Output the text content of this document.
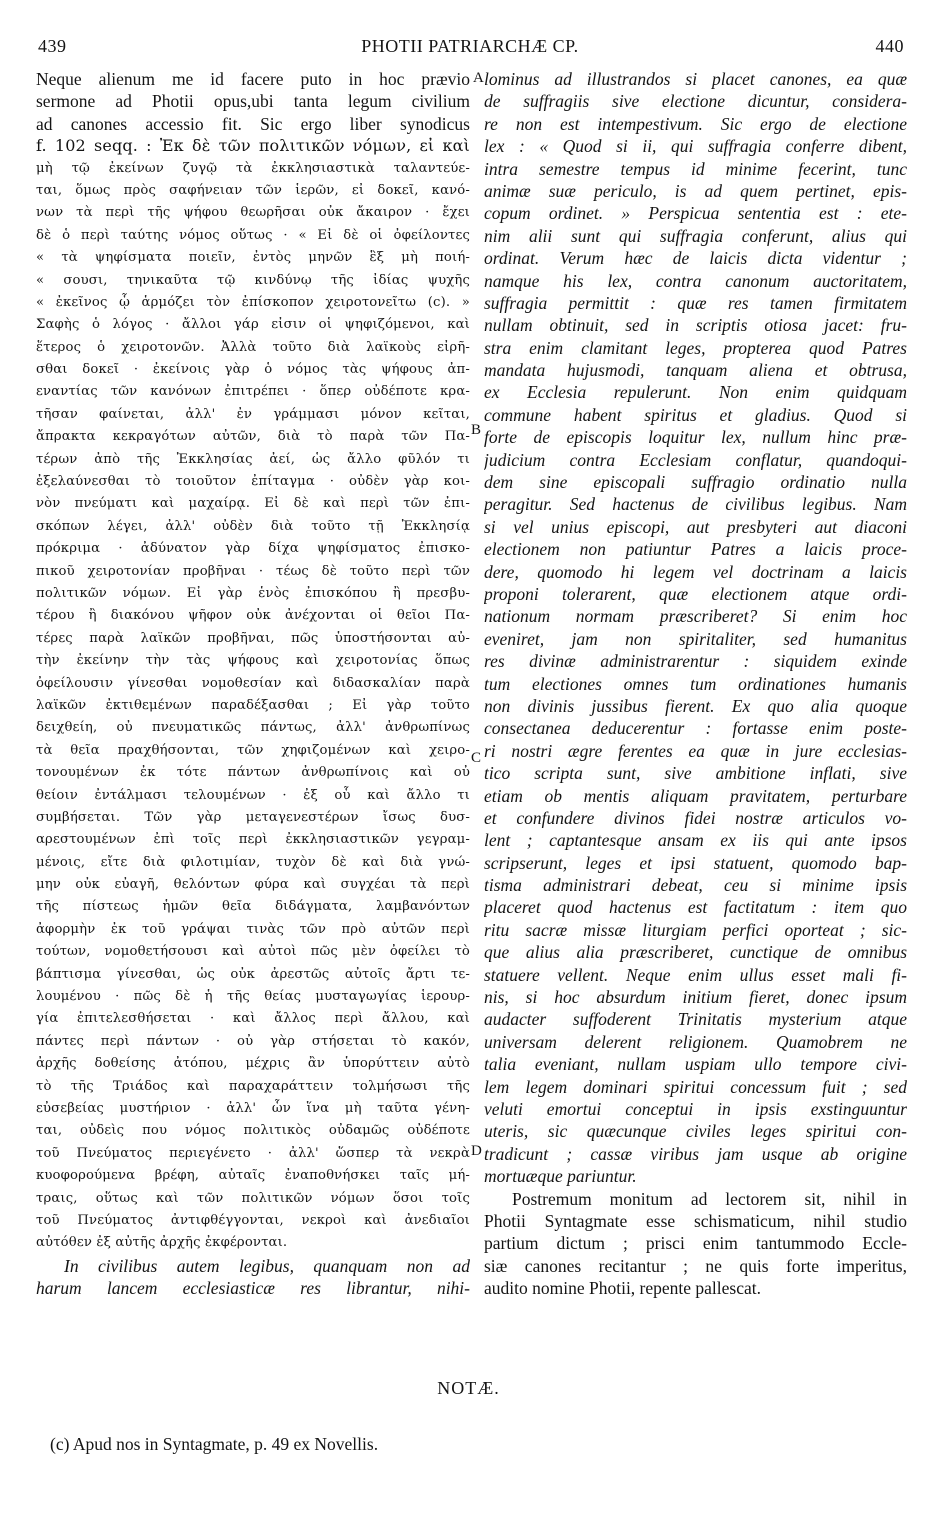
439	PHOTII PATRIARCHÆ CP.	440
Neque alienum me id facere puto in hoc prævio
sermone ad Photii opus,ubi tanta legum civilium
ad canones accessio fit. Sic ergo liber synodicus
f. 102 seqq. : Ἐκ δὲ τῶν πολιτικῶν νόμων, εἰ καὶ
μὴ τῷ ἐκείνων ζυγῷ τὰ ἐκκλησιαστικὰ ταλαντεύε-
ται, ὅμως πρὸς σαφήνειαν τῶν ἱερῶν, εἰ δοκεῖ, κανό-
νων τὰ περὶ τῆς ψήφου θεωρῆσαι οὐκ ἄκαιρον · ἔχει
δὲ ὁ περὶ ταύτης νόμος οὕτως · « Εἰ δὲ οἱ ὀφείλοντες
« τὰ ψηφίσματα ποιεῖν, ἐντὸς μηνῶν ἓξ μὴ ποιή-
« σουσι, τηνικαῦτα τῷ κινδύνῳ τῆς ἰδίας ψυχῆς
« ἐκεῖνος ᾧ ἁρμόζει τὸν ἐπίσκοπον χειροτονεῖτω (c). »
Σαφὴς ὁ λόγος · ἄλλοι γάρ εἰσιν οἱ ψηφιζόμενοι, καὶ
ἕτερος ὁ χειροτονῶν. Ἀλλὰ τοῦτο διὰ λαϊκοὺς εἰρῆ-
σθαι δοκεῖ · ἐκείνοις γὰρ ὁ νόμος τὰς ψήφους ἀπ-
εναντίας τῶν κανόνων ἐπιτρέπει · ὅπερ οὐδέποτε κρα-
τῆσαν φαίνεται, ἀλλ' ἐν γράμμασι μόνον κεῖται,
ἄπρακτα κεκραγότων αὐτῶν, διὰ τὸ παρὰ τῶν Πα-
τέρων ἀπὸ τῆς Ἐκκλησίας ἀεί, ὡς ἄλλο φῦλόν τι
ἐξελαύνεσθαι τὸ τοιοῦτον ἐπίταγμα · οὐδὲν γὰρ κοι-
νὸν πνεύματι καὶ μαχαίρᾳ. Εἰ δὲ καὶ περὶ τῶν ἐπι-
σκόπων λέγει, ἀλλ' οὐδὲν διὰ τοῦτο τῇ Ἐκκλησίᾳ
πρόκριμα · ἀδύνατον γὰρ δίχα ψηφίσματος ἐπισκο-
πικοῦ χειροτονίαν προβῆναι · τέως δὲ τοῦτο περὶ τῶν
πολιτικῶν νόμων. Εἰ γὰρ ἑνὸς ἐπισκόπου ἢ πρεσβυ-
τέρου ἢ διακόνου ψῆφον οὐκ ἀνέχονται οἱ θεῖοι Πα-
τέρες παρὰ λαϊκῶν προβῆναι, πῶς ὑποστήσονται αὐ-
τὴν ἐκείνην τὴν τὰς ψήφους καὶ χειροτονίας ὅπως
ὀφείλουσιν γίνεσθαι νομοθεσίαν καὶ διδασκαλίαν παρὰ
λαϊκῶν ἐκτιθεμένων παραδέξασθαι ; Εἰ γὰρ τοῦτο
δειχθείη, οὐ πνευματικῶς πάντως, ἀλλ' ἀνθρωπίνως
τὰ θεῖα πραχθήσονται, τῶν χηφιζομένων καὶ χειρο-
τονουμένων ἐκ τότε πάντων ἀνθρωπίνοις καὶ οὐ
θείοιν ἐντάλμασι τελουμένων · ἐξ οὗ καὶ ἄλλο τι
συμβήσεται. Τῶν γὰρ μεταγενεστέρων ἴσως δυσ-
αρεστουμένων ἐπὶ τοῖς περὶ ἐκκλησιαστικῶν γεγραμ-
μένοις, εἴτε διὰ φιλοτιμίαν, τυχὸν δὲ καὶ διὰ γνώ-
μην οὐκ εὐαγῆ, θελόντων φύρα καὶ συγχέαι τὰ περὶ
τῆς πίστεως ἡμῶν θεῖα διδάγματα, λαμβανόντων
ἀφορμὴν ἐκ τοῦ γράψαι τινὰς τῶν πρὸ αὐτῶν περὶ
τούτων, νομοθετήσουσι καὶ αὐτοὶ πῶς μὲν ὀφείλει τὸ
βάπτισμα γίνεσθαι, ὡς οὐκ ἀρεστῶς αὐτοῖς ἄρτι τε-
λουμένου · πῶς δὲ ἡ τῆς θείας μυσταγωγίας ἱερουρ-
γία ἐπιτελεσθήσεται · καὶ ἄλλος περὶ ἄλλου, καὶ
πάντες περὶ πάντων · οὐ γὰρ στήσεται τὸ κακόν,
ἀρχῆς δοθείσης ἀτόπου, μέχρις ἂν ὑπορύττειν αὐτὸ
τὸ τῆς Τριάδος καὶ παραχαράττειν τολμήσωσι τῆς
εὐσεβείας μυστήριον · ἀλλ' ὧν ἵνα μὴ ταῦτα γένη-
ται, οὐδεὶς που νόμος πολιτικὸς οὐδαμῶς οὐδέποτε
τοῦ Πνεύματος περιεγένετο · ἀλλ' ὥσπερ τὰ νεκρὰ
κυοφορούμενα βρέφη, αὐταῖς ἐναποθνήσκει ταῖς μή-
τραις, οὕτως καὶ τῶν πολιτικῶν νόμων ὅσοι τοῖς
τοῦ Πνεύματος ἀντιφθέγγονται, νεκροὶ καὶ ἀνεδιαῖοι
αὐτόθεν ἐξ αὐτῆς ἀρχῆς ἐκφέρονται.
In civilibus autem legibus, quanquam non ad
harum lancem ecclesiasticæ res librantur, nihi-
lominus ad illustrandos si placet canones, ea quæ
de suffragiis sive electione dicuntur, considera-
re non est intempestivum. Sic ergo de electione
lex : « Quod si ii, qui suffragia conferre dibent,
intra semestre tempus id minime fecerint, tunc
animæ suæ periculo, is ad quem pertinet, epis-
copum ordinet. » Perspicua sententia est : ete-
nim alii sunt qui suffragia conferunt, alius qui
ordinat. Verum hæc de laicis dicta videntur ;
namque his lex, contra canonum auctoritatem,
suffragia permittit : quæ res tamen firmitatem
nullam obtinuit, sed in scriptis otiosa jacet: fru-
stra enim clamitant leges, propterea quod Patres
mandata hujusmodi, tanquam aliena et obtrusa,
ex Ecclesia repulerunt. Non enim quidquam
commune habent spiritus et gladius. Quod si
forte de episcopis loquitur lex, nullum hinc præ-
judicium contra Ecclesiam conflatur, quandoqui-
dem sine episcopali suffragio ordinatio nulla
peragitur. Sed hactenus de civilibus legibus. Nam
si vel unius episcopi, aut presbyteri aut diaconi
electionem non patiuntur Patres a laicis proce-
dere, quomodo hi legem vel doctrinam a laicis
proponi tolerarent, quæ electionem atque ordi-
nationum normam præscriberet? Si enim hoc
eveniret, jam non spiritaliter, sed humanitus
res divinæ administrarentur : siquidem exinde
tum electiones omnes tum ordinationes humanis
non divinis jussibus fierent. Ex quo alia quoque
consectanea deducerentur : fortasse enim poste-
ri nostri ægre ferentes ea quæ in jure ecclesias-
tico scripta sunt, sive ambitione inflati, sive
etiam ob mentis aliquam pravitatem, perturbare
et confundere divinos fidei nostræ articulos vo-
lent ; captantesque ansam ex iis qui ante ipsos
scripserunt, leges et ipsi statuent, quomodo bap-
tisma administrari debeat, ceu si minime ipsis
placeret quod hactenus est factitatum : item quo
ritu sacræ missæ liturgiam perfici oporteat ; sic-
que alius alia præscriberet, cunctique de omnibus
statuere vellent. Neque enim ullus esset mali fi-
nis, si hoc absurdum initium fieret, donec ipsum
audacter suffoderent Trinitatis mysterium atque
universam delerent religionem. Quamobrem ne
talia eveniant, nullam uspiam ullo tempore civi-
lem legem dominari spiritui concessum fuit ; sed
veluti emortui conceptui in ipsis exstinguuntur
uteris, sic quæcunque civiles leges spiritui con-
tradicunt ; cassæ viribus jam usque ab origine
mortuæque pariuntur.
Postremum monitum ad lectorem sit, nihil in
Photii Syntagmate esse schismaticum, nihil studio
partium dictum ; prisci enim tantummodo Eccle-
siæ canones recitantur ; ne quis forte imperitus,
audito nomine Photii, repente pallescat.
A
B
C
D
NOTÆ.
(c) Apud nos in Syntagmate, p. 49 ex Novellis.
